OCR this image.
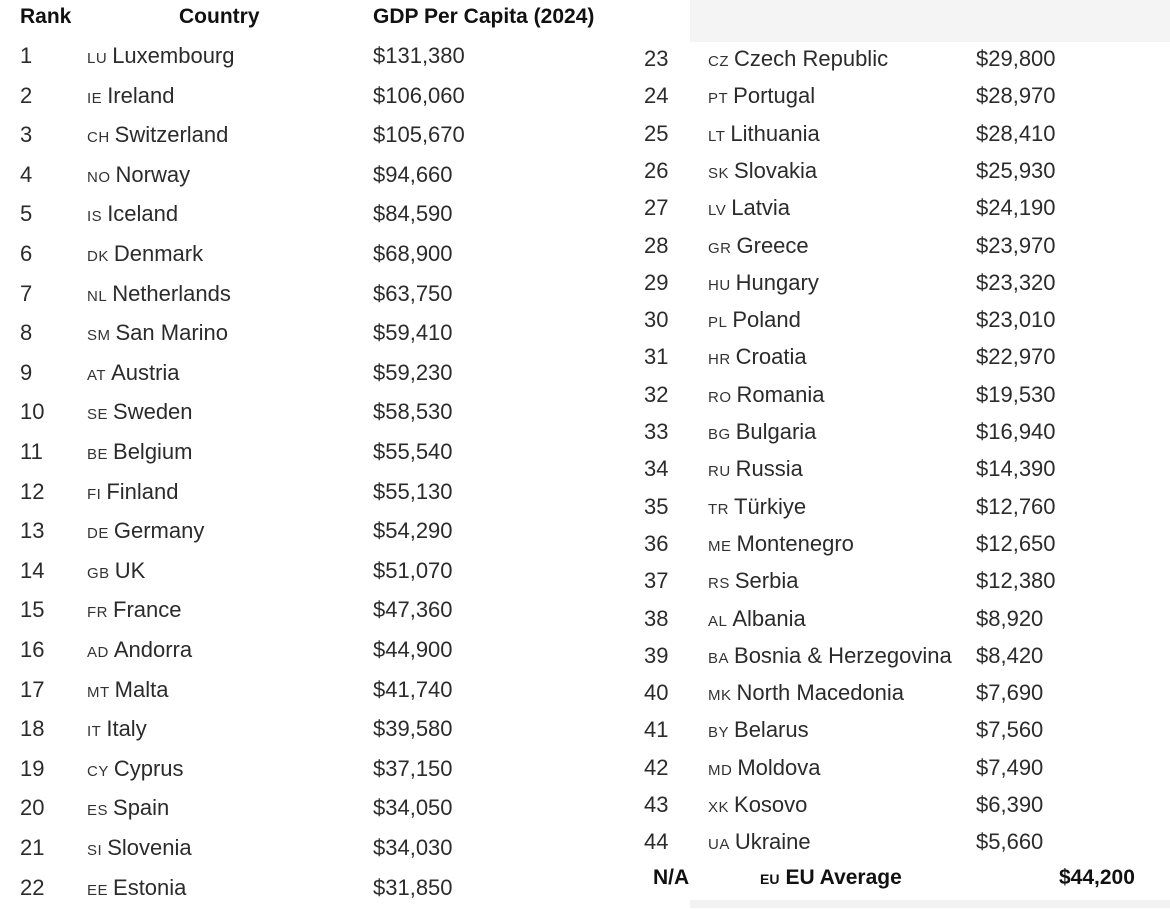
Rank	Country	GDP Per Capita (2024)
1	LU Luxembourg	$131,380
2	IE Ireland	$106,060
3	CH Switzerland	$105,670
4	NO Norway	$94,660
5	IS Iceland	$84,590
6	DK Denmark	$68,900
7	NL Netherlands	$63,750
8	SM San Marino	$59,410
9	AT Austria	$59,230
10	SE Sweden	$58,530
11	BE Belgium	$55,540
12	FI Finland	$55,130
13	DE Germany	$54,290
14	GB UK	$51,070
15	FR France	$47,360
16	AD Andorra	$44,900
17	MT Malta	$41,740
18	IT Italy	$39,580
19	CY Cyprus	$37,150
20	ES Spain	$34,050
21	SI Slovenia	$34,030
22	EE Estonia	$31,850
23	CZ Czech Republic	$29,800
24	PT Portugal	$28,970
25	LT Lithuania	$28,410
26	SK Slovakia	$25,930
27	LV Latvia	$24,190
28	GR Greece	$23,970
29	HU Hungary	$23,320
30	PL Poland	$23,010
31	HR Croatia	$22,970
32	RO Romania	$19,530
33	BG Bulgaria	$16,940
34	RU Russia	$14,390
35	TR Türkiye	$12,760
36	ME Montenegro	$12,650
37	RS Serbia	$12,380
38	AL Albania	$8,920
39	BA Bosnia & Herzegovina $8,420
40	MK North Macedonia	$7,690
41	BY Belarus	$7,560
42	MD Moldova	$7,490
43	XK Kosovo	$6,390
44	UA Ukraine	$5,660
N/A	EU EU Average	$44,200
